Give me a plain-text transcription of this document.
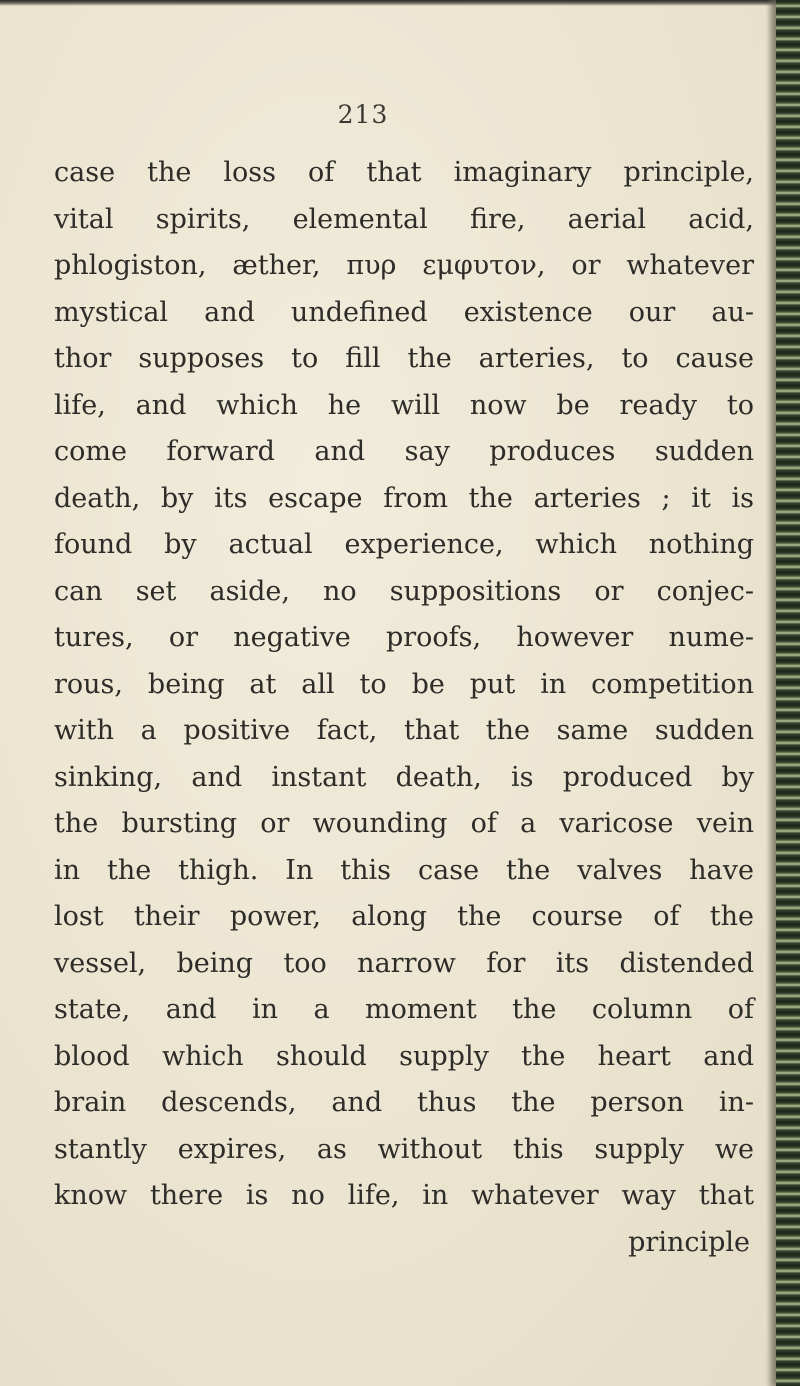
213
case the loss of that imaginary principle,
vital spirits, elemental fire, aerial acid,
phlogiston, æther, πυρ εμφυτον, or whatever
mystical and undefined existence our au-
thor supposes to fill the arteries, to cause
life, and which he will now be ready to
come forward and say produces sudden
death, by its escape from the arteries ; it is
found by actual experience, which nothing
can set aside, no suppositions or conjec-
tures, or negative proofs, however nume-
rous, being at all to be put in competition
with a positive fact, that the same sudden
sinking, and instant death, is produced by
the bursting or wounding of a varicose vein
in the thigh. In this case the valves have
lost their power, along the course of the
vessel, being too narrow for its distended
state, and in a moment the column of
blood which should supply the heart and
brain descends, and thus the person in-
stantly expires, as without this supply we
know there is no life, in whatever way that
principle
